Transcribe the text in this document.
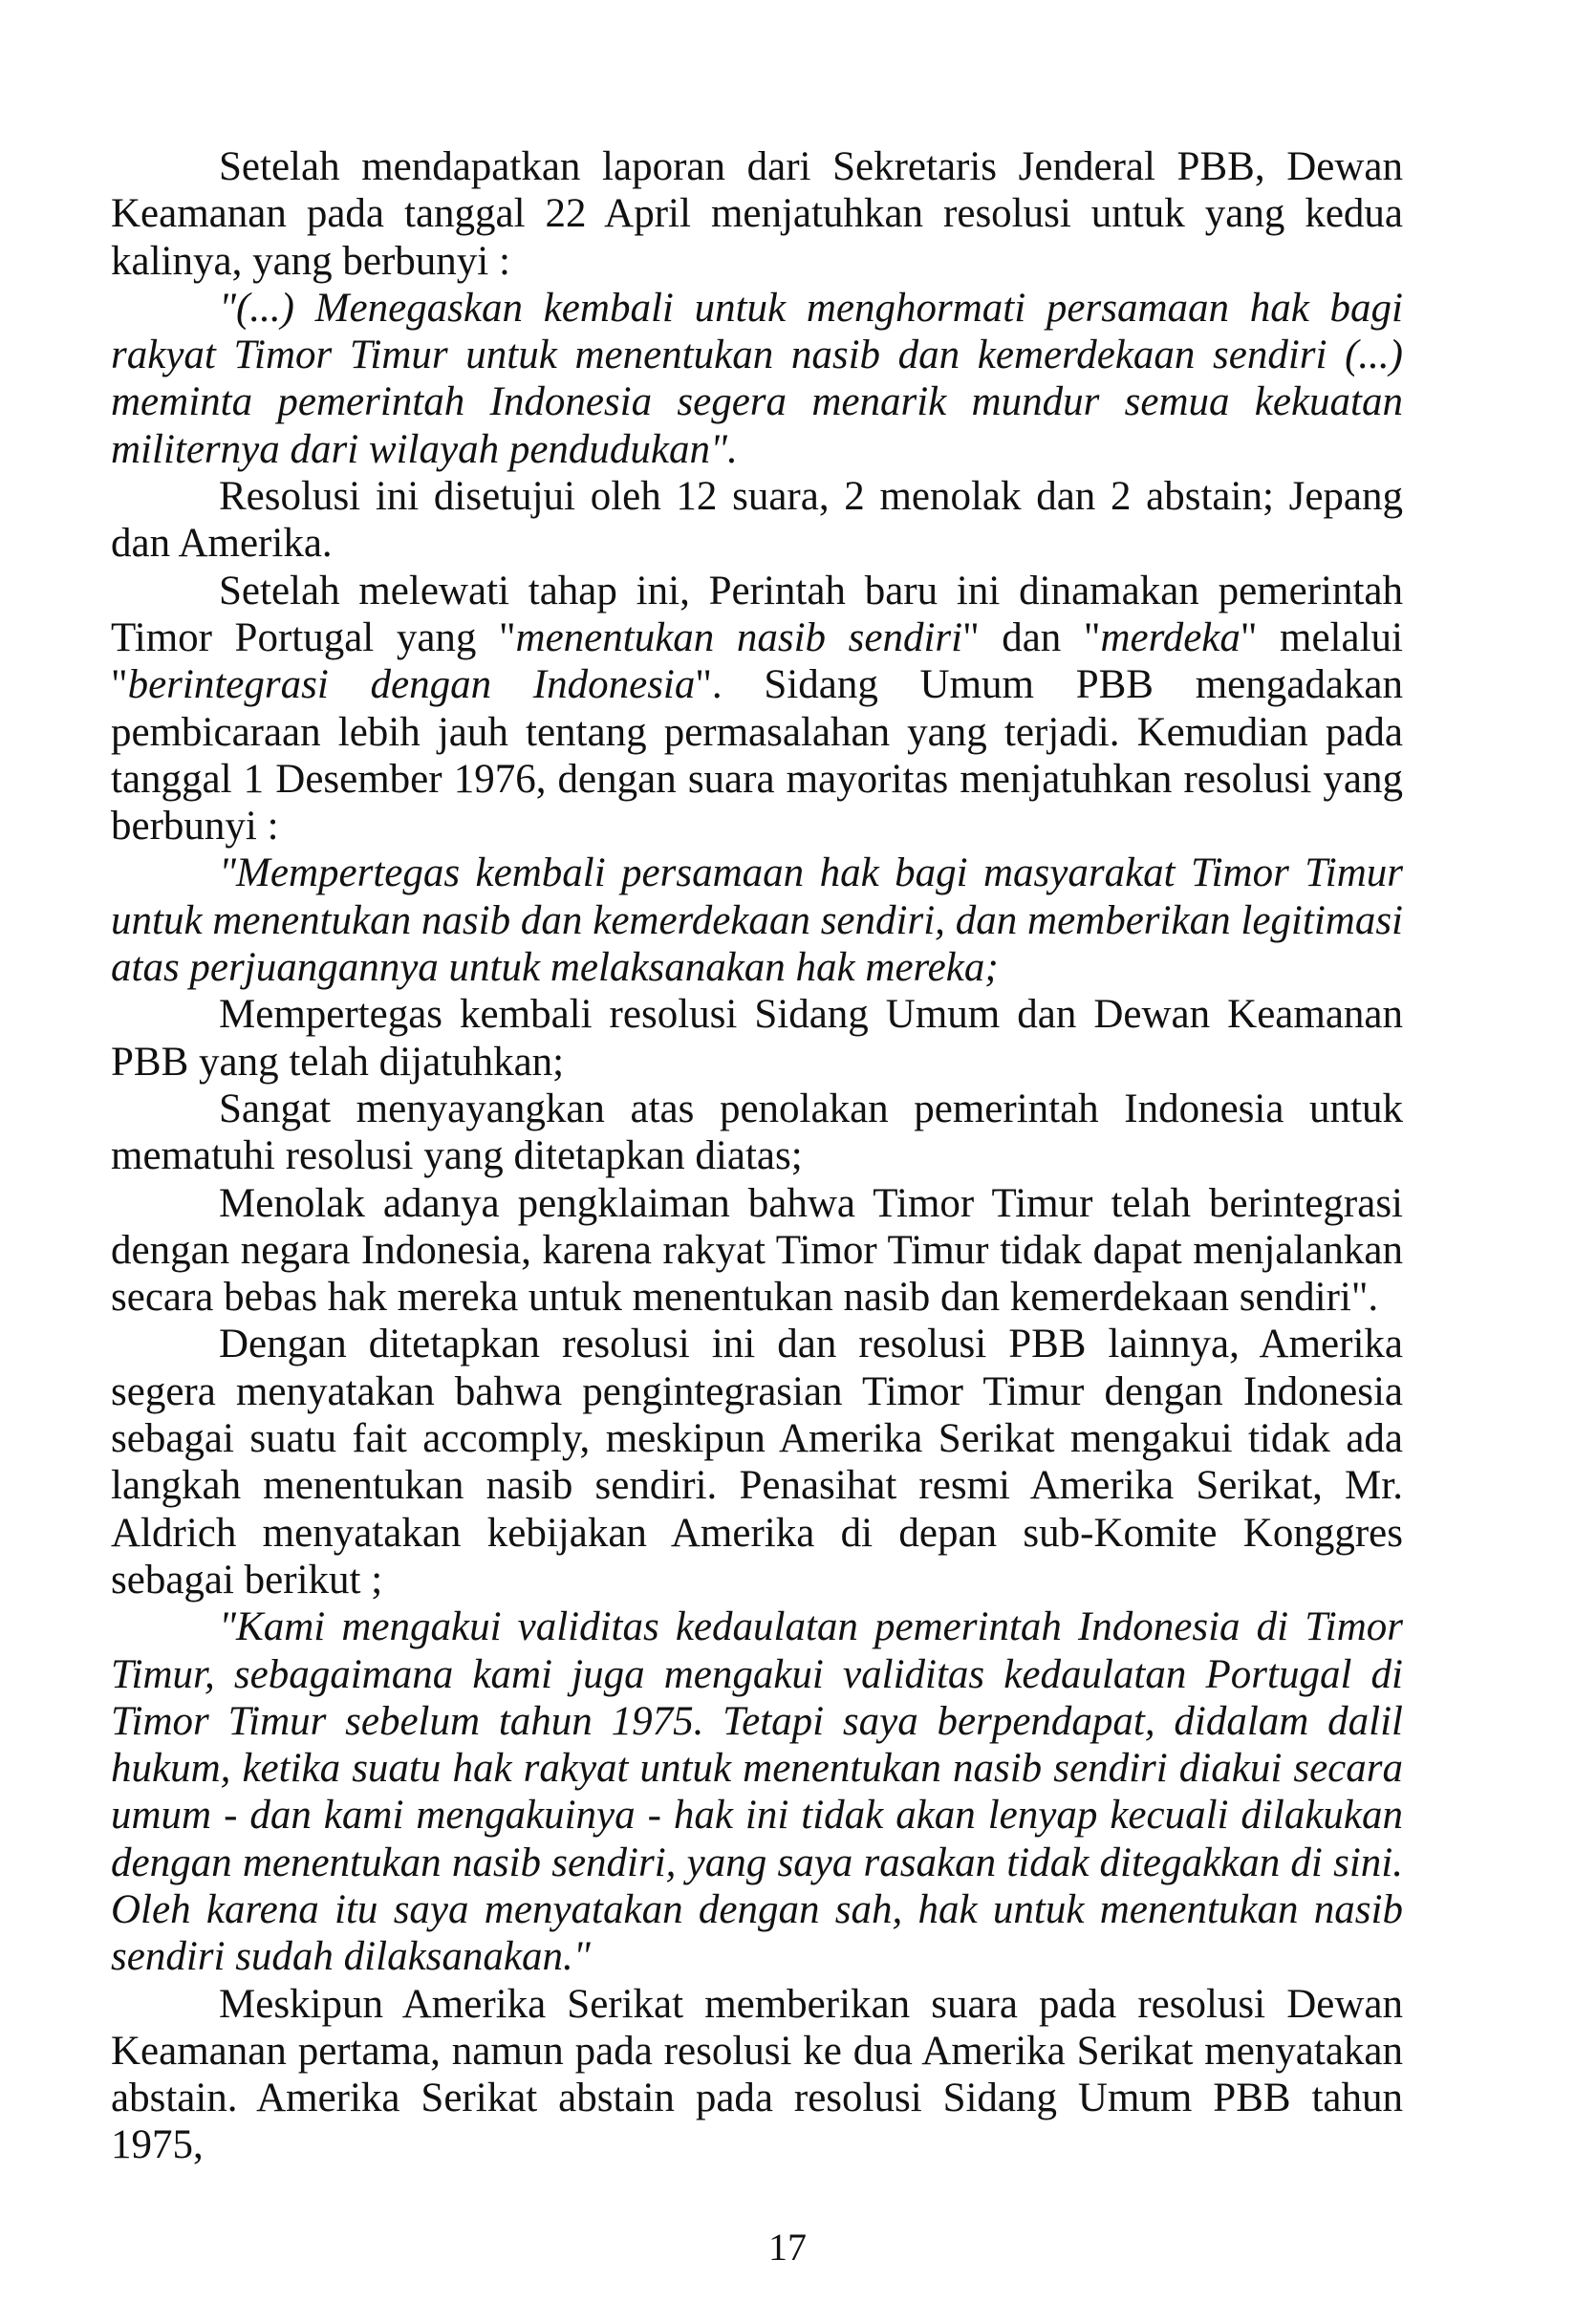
Setelah mendapatkan laporan dari Sekretaris Jenderal PBB, Dewan Keamanan pada tanggal 22 April menjatuhkan resolusi untuk yang kedua kalinya, yang berbunyi :

"(...) Menegaskan kembali untuk menghormati persamaan hak bagi rakyat Timor Timur untuk menentukan nasib dan kemerdekaan sendiri (...) meminta pemerintah Indonesia segera menarik mundur semua kekuatan militernya dari wilayah pendudukan".

Resolusi ini disetujui oleh 12 suara, 2 menolak dan 2 abstain; Jepang dan Amerika.

Setelah melewati tahap ini, Perintah baru ini dinamakan pemerintah Timor Portugal yang "menentukan nasib sendiri" dan "merdeka" melalui "berintegrasi dengan Indonesia". Sidang Umum PBB mengadakan pembicaraan lebih jauh tentang permasalahan yang terjadi. Kemudian pada tanggal 1 Desember 1976, dengan suara mayoritas menjatuhkan resolusi yang berbunyi :

"Mempertegas kembali persamaan hak bagi masyarakat Timor Timur untuk menentukan nasib dan kemerdekaan sendiri, dan memberikan legitimasi atas perjuangannya untuk melaksanakan hak mereka;

Mempertegas kembali resolusi Sidang Umum dan Dewan Keamanan PBB yang telah dijatuhkan;

Sangat menyayangkan atas penolakan pemerintah Indonesia untuk mematuhi resolusi yang ditetapkan diatas;

Menolak adanya pengklaiman bahwa Timor Timur telah berintegrasi dengan negara Indonesia, karena rakyat Timor Timur tidak dapat menjalankan secara bebas hak mereka untuk menentukan nasib dan kemerdekaan sendiri".

Dengan ditetapkan resolusi ini dan resolusi PBB lainnya, Amerika segera menyatakan bahwa pengintegrasian Timor Timur dengan Indonesia sebagai suatu fait accomply, meskipun Amerika Serikat mengakui tidak ada langkah menentukan nasib sendiri. Penasihat resmi Amerika Serikat, Mr. Aldrich menyatakan kebijakan Amerika di depan sub-Komite Konggres sebagai berikut ;

"Kami mengakui validitas kedaulatan pemerintah Indonesia di Timor Timur, sebagaimana kami juga mengakui validitas kedaulatan Portugal di Timor Timur sebelum tahun 1975. Tetapi saya berpendapat, didalam dalil hukum, ketika suatu hak rakyat untuk menentukan nasib sendiri diakui secara umum - dan kami mengakuinya - hak ini tidak akan lenyap kecuali dilakukan dengan menentukan nasib sendiri, yang saya rasakan tidak ditegakkan di sini. Oleh karena itu saya menyatakan dengan sah, hak untuk menentukan nasib sendiri sudah dilaksanakan."

Meskipun Amerika Serikat memberikan suara pada resolusi Dewan Keamanan pertama, namun pada resolusi ke dua Amerika Serikat menyatakan abstain. Amerika Serikat abstain pada resolusi Sidang Umum PBB tahun 1975,

17
